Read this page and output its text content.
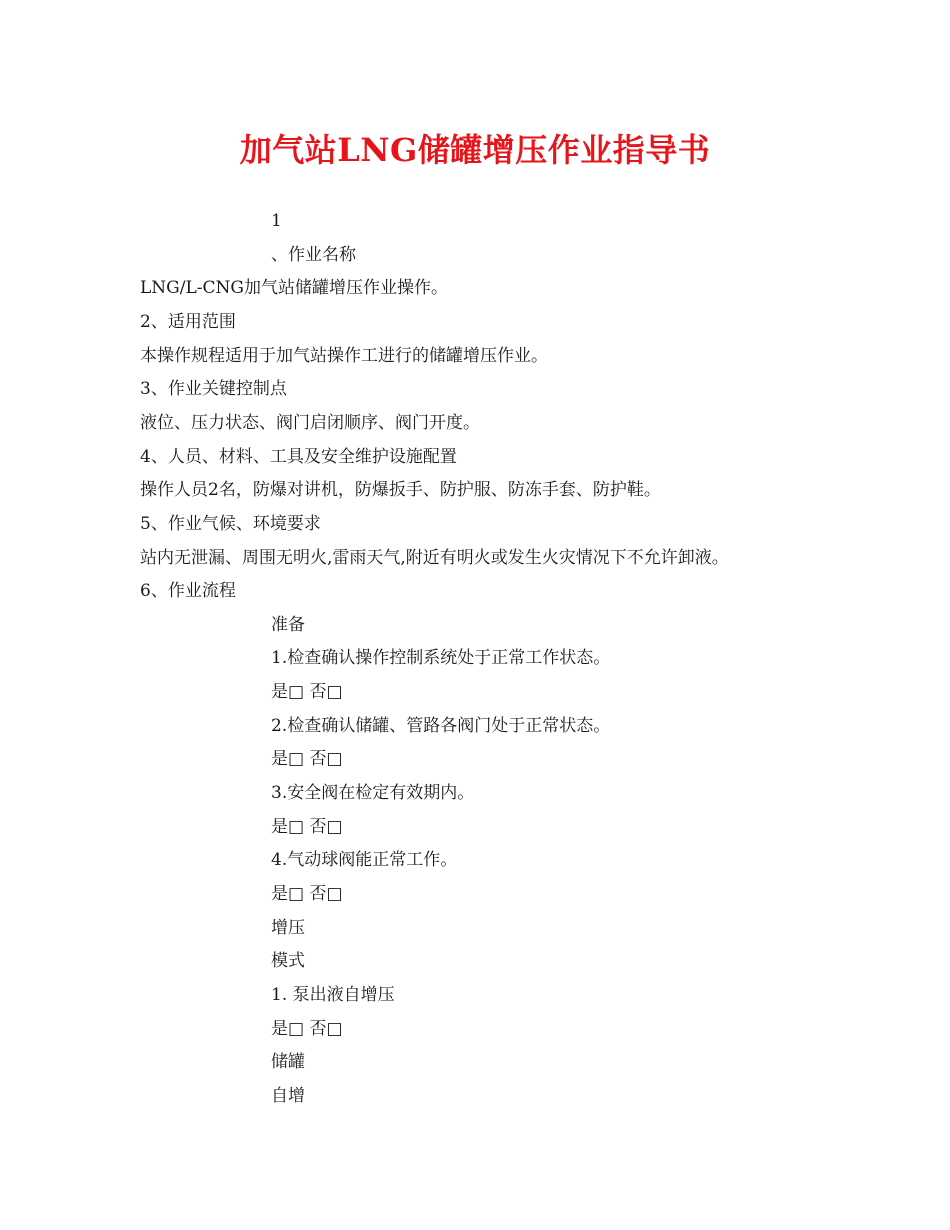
加气站LNG储罐增压作业指导书
1
、作业名称
LNG/L-CNG加气站储罐增压作业操作。
2、适用范围
本操作规程适用于加气站操作工进行的储罐增压作业。
3、作业关键控制点
液位、压力状态、阀门启闭顺序、阀门开度。
4、人员、材料、工具及安全维护设施配置
操作人员2名，防爆对讲机，防爆扳手、防护服、防冻手套、防护鞋。
5、作业气候、环境要求
站内无泄漏、周围无明火,雷雨天气,附近有明火或发生火灾情况下不允许卸液。
6、作业流程
准备
1.检查确认操作控制系统处于正常工作状态。
是□ 否□
2.检查确认储罐、管路各阀门处于正常状态。
是□ 否□
3.安全阀在检定有效期内。
是□ 否□
4.气动球阀能正常工作。
是□ 否□
增压
模式
1. 泵出液自增压
是□ 否□
储罐
自增
